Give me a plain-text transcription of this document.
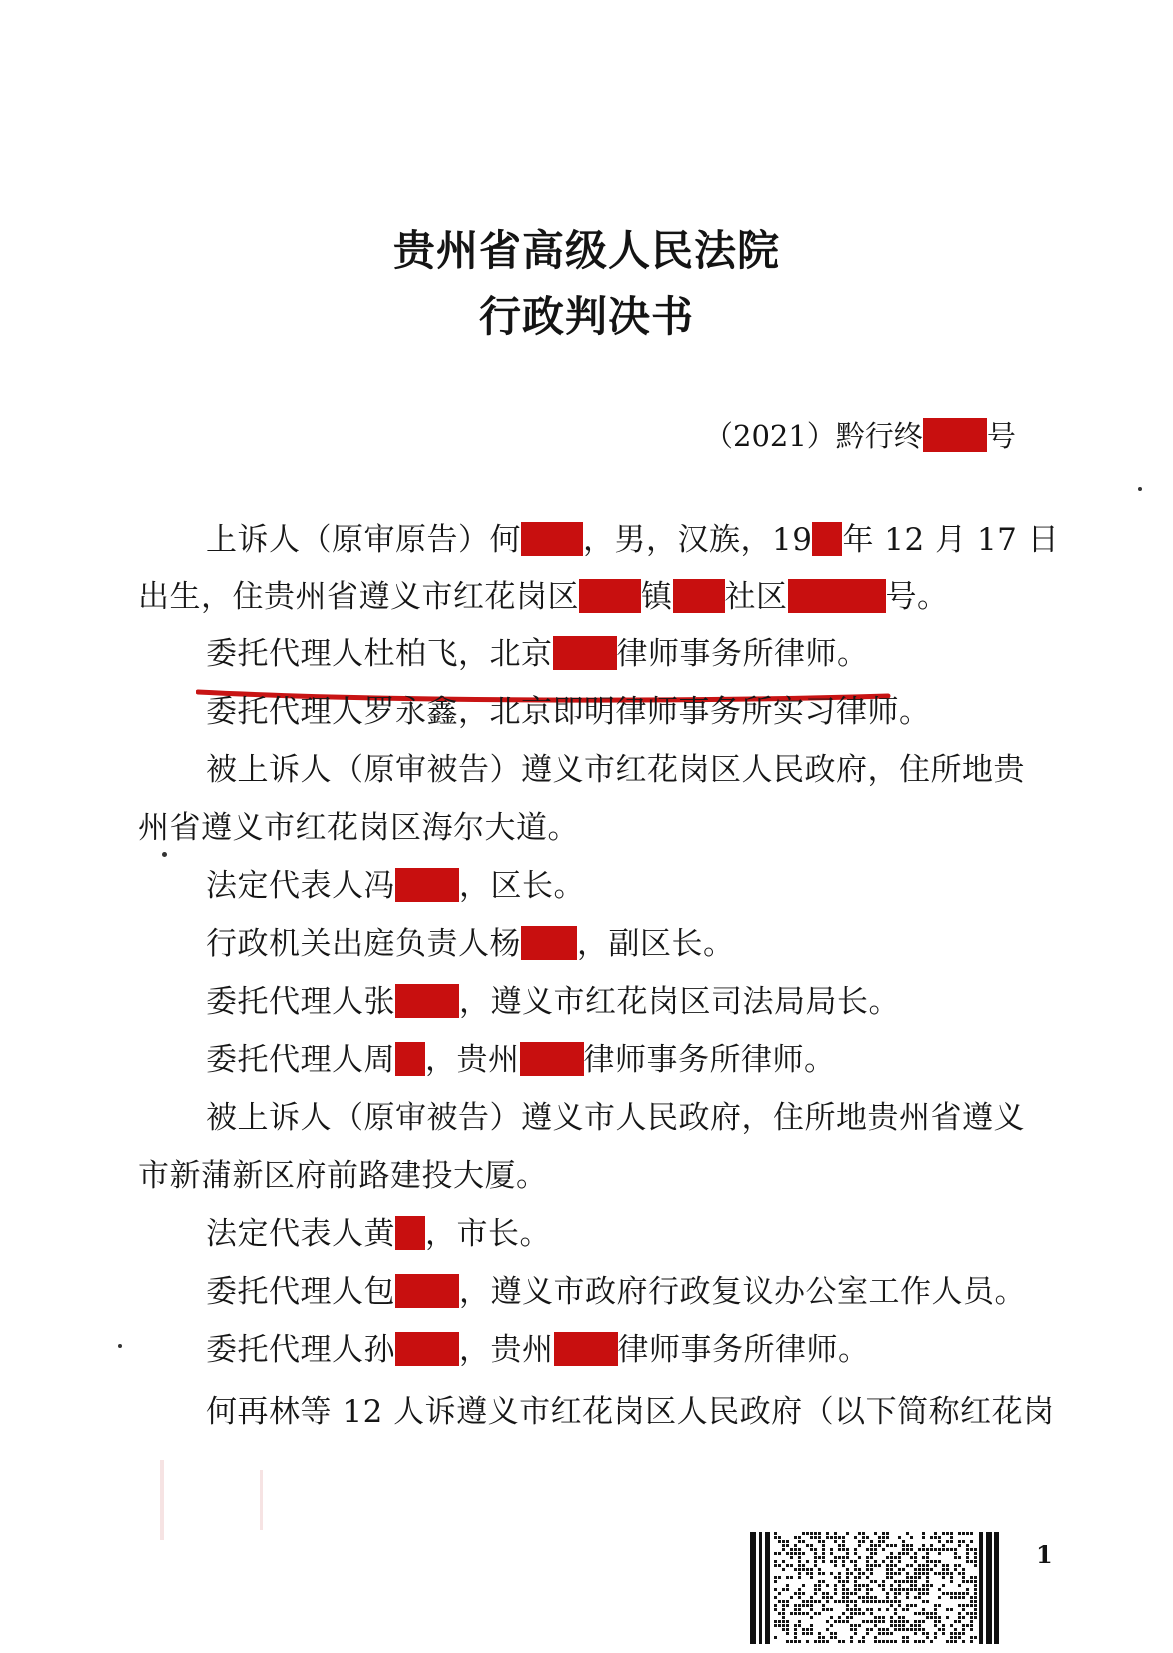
贵州省高级人民法院
行政判决书
（2021）黔行终 号
上诉人（原审原告）何 ，男，汉族，19 年 12 月 17 日
出生，住贵州省遵义市红花岗区 镇 社区	号。
委托代理人杜柏飞，北京 律师事务所律师。
委托代理人罗永鑫，北京即明律师事务所实习律师。
被上诉人（原审被告）遵义市红花岗区人民政府，住所地贵
州省遵义市红花岗区海尔大道。
法定代表人冯 ，区长。
行政机关出庭负责人杨 ，副区长。
委托代理人张 ，遵义市红花岗区司法局局长。
委托代理人周 ，贵州 律师事务所律师。
被上诉人（原审被告）遵义市人民政府，住所地贵州省遵义
市新蒲新区府前路建投大厦。
法定代表人黄 ，市长。
委托代理人包 ，遵义市政府行政复议办公室工作人员。
委托代理人孙 ，贵州 律师事务所律师。
何再林等 12 人诉遵义市红花岗区人民政府（以下简称红花岗
1
